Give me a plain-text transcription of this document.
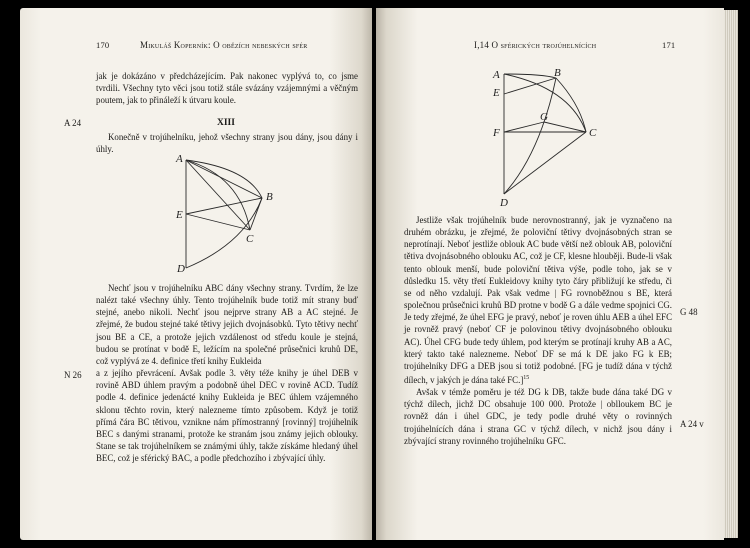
170	Mikuláš Koperník: O obězích nebeských sfér

jak je dokázáno v předcházejícím. Pak nakonec vyplývá to, co jsme tvrdili. Všechny tyto věci jsou totiž stále svázány vzájemnými a věčným poutem, jak to přináleží k útvaru koule.

A 24	XIII

Konečně v trojúhelníku, jehož všechny strany jsou dány, jsou dány i úhly.

A
B
C
D
E

Nechť jsou v trojúhelníku ABC dány všechny strany. Tvrdím, že lze nalézt také všechny úhly. Tento trojúhelník bude totiž mít strany buď stejné, anebo nikoli. Nechť jsou nejprve strany AB a AC stejné. Je zřejmé, že budou stejné také tětivy jejich dvojnásobků. Tyto tětivy nechť jsou BE a CE, a protože jejich vzdálenost od středu koule je stejná, budou se protínat v bodě E, ležícím na společné průsečnici kruhů DE, což vyplývá ze 4. definice třetí knihy Eukleida

a z jejího převrácení. Avšak podle 3. věty téže knihy je úhel DEB v rovině ABD úhlem pravým a podobně úhel DEC v rovině ACD. Tudíž podle 4. definice jedenácté knihy Eukleida je BEC úhlem vzájemného sklonu těchto rovin, který nalezneme tímto způsobem. Když je totiž přímá čára BC tětivou, vznikne nám přímostranný [rovinný] trojúhelník BEC s danými stranami, protože ke stranám jsou známy jejich oblouky. Stane se tak trojúhelníkem se známými úhly, takže získáme hledaný úhel BEC, což je sférický BAC, a podle předchozího i zbývající úhly.

N 26
I,14 O sférických trojúhelnících	171
A	B
C
D
E
F
G

Jestliže však trojúhelník bude nerovnostranný, jak je vyznačeno na druhém obrázku, je zřejmé, že poloviční tětivy dvojnásobných stran se neprotínají. Neboť jestliže oblouk AC bude větší než oblouk AB, poloviční tětiva dvojnásobného oblouku AC, což je CF, klesne hlouběji. Bude-li však tento oblouk menší, bude poloviční tětiva výše, podle toho, jak se v důsledku 15. věty třetí Eukleidovy knihy tyto čáry přibližují ke středu, či se od něho vzdalují. Pak však vedme | FG rovnoběžnou s BE, která společnou průsečnici kruhů BD protne v bodě G a dále vedme spojnici CG. Je tedy zřejmé, že úhel EFG je pravý, neboť je roven úhlu AEB a úhel EFC je rovněž pravý (neboť CF je polovinou tětivy dvojnásobného oblouku AC). Úhel CFG bude tedy úhlem, pod kterým se protínají kruhy AB a AC, který takto také nalezneme. Neboť DF se má k DE jako FG k EB; trojúhelníky DFG a DEB jsou si totiž podobné. [FG je tudíž dána v týchž dílech, v jakých je dána také FC.]$^{15}$

Avšak v témže poměru je též DG k DB, takže bude dána také DG v týchž dílech, jichž DC obsahuje 100 000. Protože | oblloukem BC je rovněž dán i úhel GDC, je tedy podle druhé věty o rovinných trojúhelnících dána i strana GC v týchž dílech, v nichž jsou dány i zbývající strany rovinného trojúhelníku GFC.

G 48
A 24 v
